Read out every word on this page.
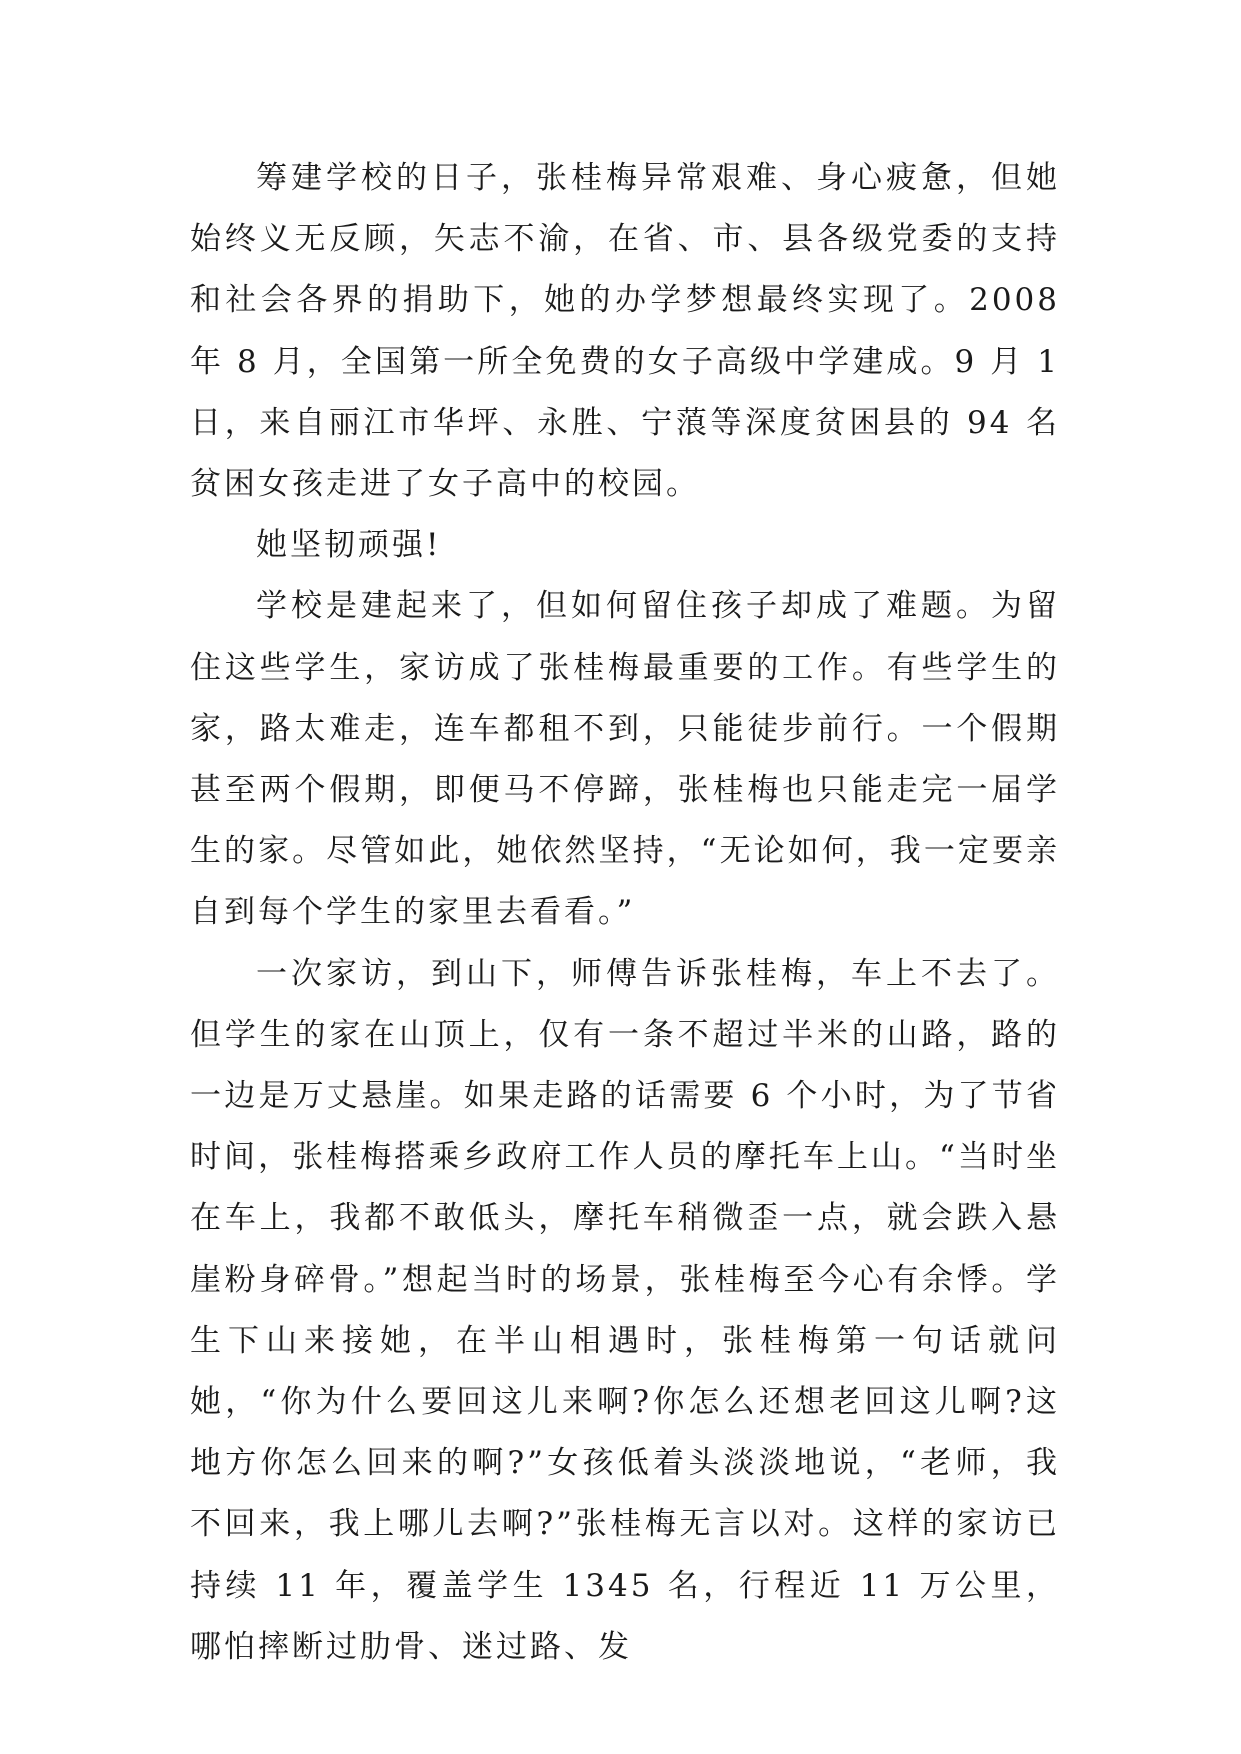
筹建学校的日子，张桂梅异常艰难、身心疲惫，但她始终义无反顾，矢志不渝，在省、市、县各级党委的支持和社会各界的捐助下，她的办学梦想最终实现了。2008 年 8 月，全国第一所全免费的女子高级中学建成。9 月 1 日，来自丽江市华坪、永胜、宁蒗等深度贫困县的 94 名贫困女孩走进了女子高中的校园。

她坚韧顽强!

学校是建起来了，但如何留住孩子却成了难题。为留住这些学生，家访成了张桂梅最重要的工作。有些学生的家，路太难走，连车都租不到，只能徒步前行。一个假期甚至两个假期，即便马不停蹄，张桂梅也只能走完一届学生的家。尽管如此，她依然坚持，“无论如何，我一定要亲自到每个学生的家里去看看。”

一次家访，到山下，师傅告诉张桂梅，车上不去了。但学生的家在山顶上，仅有一条不超过半米的山路，路的一边是万丈悬崖。如果走路的话需要 6 个小时，为了节省时间，张桂梅搭乘乡政府工作人员的摩托车上山。“当时坐在车上，我都不敢低头，摩托车稍微歪一点，就会跌入悬崖粉身碎骨。”想起当时的场景，张桂梅至今心有余悸。学生下山来接她，在半山相遇时，张桂梅第一句话就问她，“你为什么要回这儿来啊?你怎么还想老回这儿啊?这地方你怎么回来的啊?”女孩低着头淡淡地说，“老师，我不回来，我上哪儿去啊?”张桂梅无言以对。这样的家访已持续 11 年，覆盖学生 1345 名，行程近 11 万公里，哪怕摔断过肋骨、迷过路、发
